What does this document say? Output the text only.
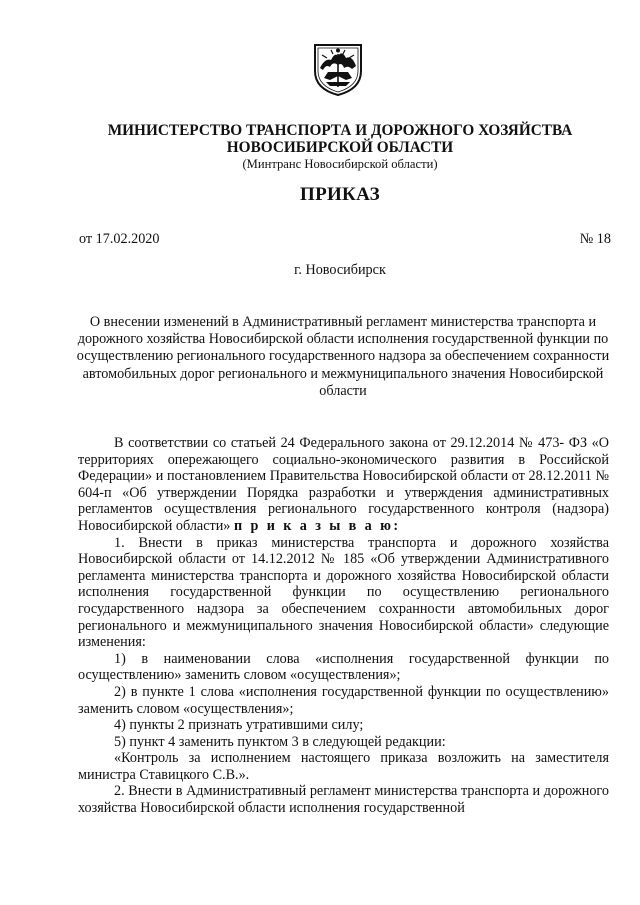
МИНИСТЕРСТВО ТРАНСПОРТА И ДОРОЖНОГО ХОЗЯЙСТВА
НОВОСИБИРСКОЙ ОБЛАСТИ
(Минтранс Новосибирской области)
ПРИКАЗ
от 17.02.2020	№ 18
г. Новосибирск
О внесении изменений в Административный регламент министерства транспорта и дорожного хозяйства Новосибирской области исполнения государственной функции по осуществлению регионального государственного надзора за обеспечением сохранности автомобильных дорог регионального и межмуниципального значения Новосибирской области

В соответствии со статьей 24 Федерального закона от 29.12.2014 № 473- ФЗ «О территориях опережающего социально-экономического развития в Российской Федерации» и постановлением Правительства Новосибирской области от 28.12.2011 № 604-п «Об утверждении Порядка разработки и утверждения административных регламентов осуществления регионального государственного контроля (надзора) Новосибирской области» п р и к а з ы в а ю:

1. Внести в приказ министерства транспорта и дорожного хозяйства Новосибирской области от 14.12.2012 № 185 «Об утверждении Административного регламента министерства транспорта и дорожного хозяйства Новосибирской области исполнения государственной функции по осуществлению регионального государственного надзора за обеспечением сохранности автомобильных дорог регионального и межмуниципального значения Новосибирской области» следующие изменения:

1) в наименовании слова «исполнения государственной функции по осуществлению» заменить словом «осуществления»;

2) в пункте 1 слова «исполнения государственной функции по осуществлению» заменить словом «осуществления»;

4) пункты 2 признать утратившими силу;

5) пункт 4 заменить пунктом 3 в следующей редакции:

«Контроль за исполнением настоящего приказа возложить на заместителя министра Ставицкого С.В.».

2. Внести в Административный регламент министерства транспорта и дорожного хозяйства Новосибирской области исполнения государственной
